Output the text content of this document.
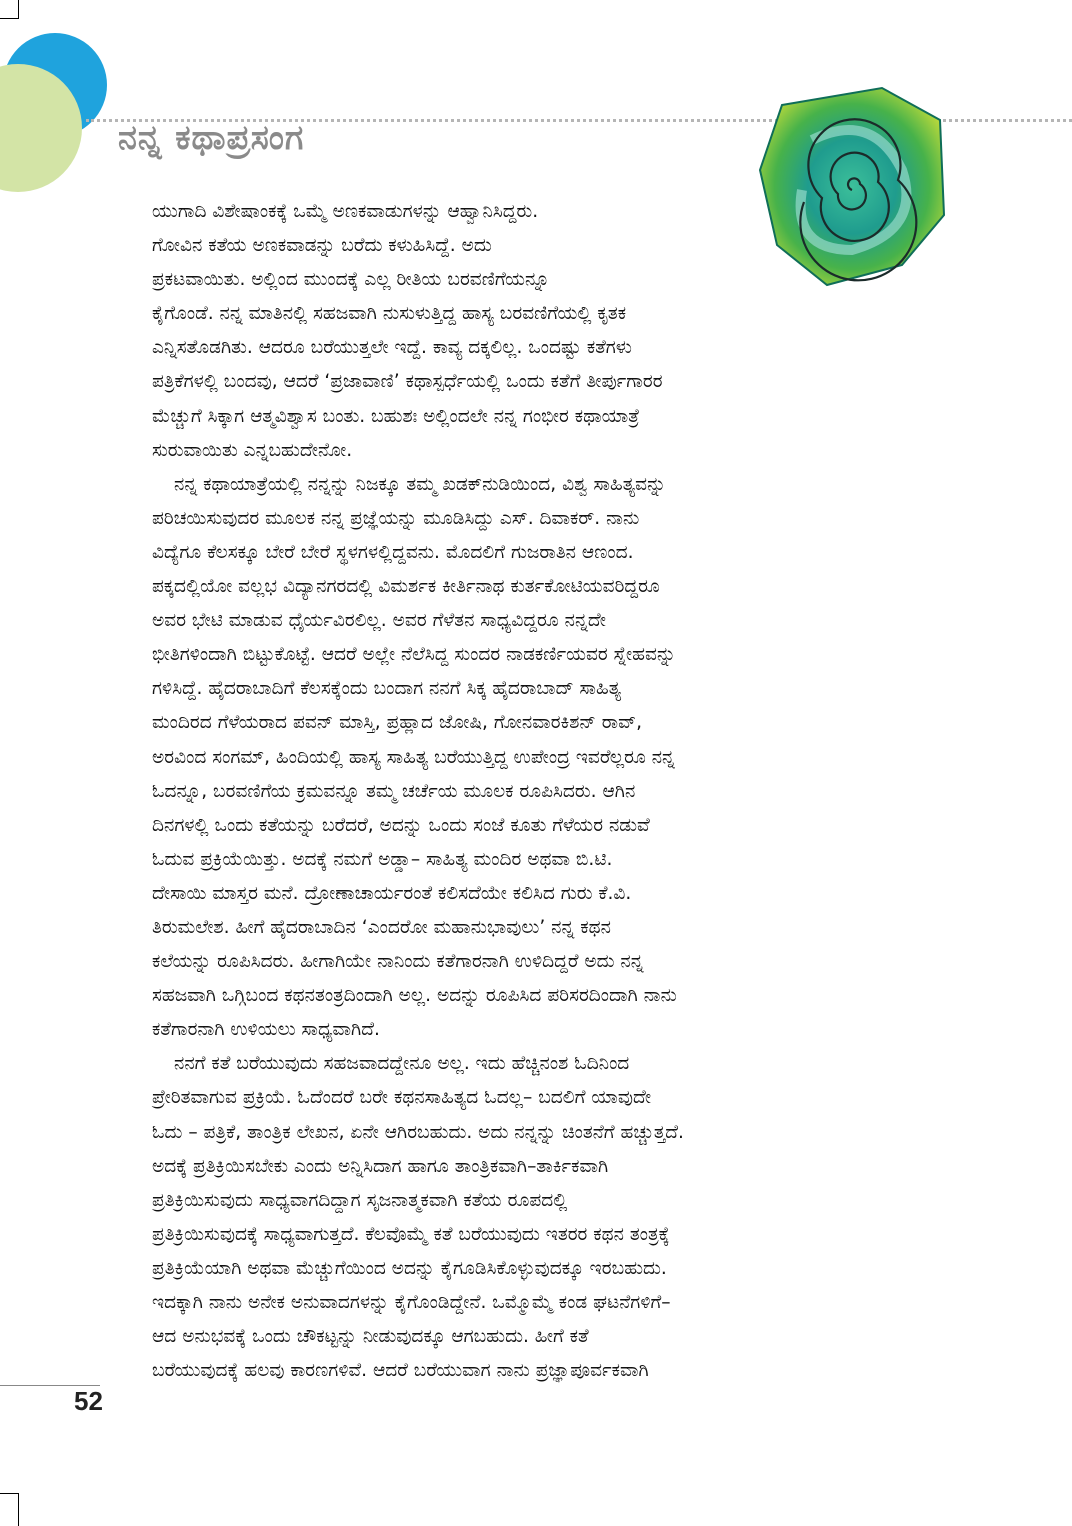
ನನ್ನ ಕಥಾಪ್ರಸಂಗ
ಯುಗಾದಿ ವಿಶೇಷಾಂಕಕ್ಕೆ ಒಮ್ಮೆ ಅಣಕವಾಡುಗಳನ್ನು ಆಹ್ವಾನಿಸಿದ್ದರು.
ಗೋವಿನ ಕತೆಯ ಅಣಕವಾಡನ್ನು ಬರೆದು ಕಳುಹಿಸಿದ್ದೆ. ಅದು
ಪ್ರಕಟವಾಯಿತು. ಅಲ್ಲಿಂದ ಮುಂದಕ್ಕೆ ಎಲ್ಲ ರೀತಿಯ ಬರವಣಿಗೆಯನ್ನೂ
ಕೈಗೊಂಡೆ. ನನ್ನ ಮಾತಿನಲ್ಲಿ ಸಹಜವಾಗಿ ನುಸುಳುತ್ತಿದ್ದ ಹಾಸ್ಯ ಬರವಣಿಗೆಯಲ್ಲಿ ಕೃತಕ
ಎನ್ನಿಸತೊಡಗಿತು. ಆದರೂ ಬರೆಯುತ್ತಲೇ ಇದ್ದೆ. ಕಾವ್ಯ ದಕ್ಕಲಿಲ್ಲ. ಒಂದಷ್ಟು ಕತೆಗಳು
ಪತ್ರಿಕೆಗಳಲ್ಲಿ ಬಂದವು, ಆದರೆ ‘ಪ್ರಜಾವಾಣಿ’ ಕಥಾಸ್ಪರ್ಧೆಯಲ್ಲಿ ಒಂದು ಕತೆಗೆ ತೀರ್ಪುಗಾರರ
ಮೆಚ್ಚುಗೆ ಸಿಕ್ಕಾಗ ಆತ್ಮವಿಶ್ವಾಸ ಬಂತು. ಬಹುಶಃ ಅಲ್ಲಿಂದಲೇ ನನ್ನ ಗಂಭೀರ ಕಥಾಯಾತ್ರೆ
ಸುರುವಾಯಿತು ಎನ್ನಬಹುದೇನೋ.
ನನ್ನ ಕಥಾಯಾತ್ರೆಯಲ್ಲಿ ನನ್ನನ್ನು ನಿಜಕ್ಕೂ ತಮ್ಮ ಖಡಕ್‌ನುಡಿಯಿಂದ, ವಿಶ್ವ ಸಾಹಿತ್ಯವನ್ನು
ಪರಿಚಯಿಸುವುದರ ಮೂಲಕ ನನ್ನ ಪ್ರಜ್ಞೆಯನ್ನು ಮೂಡಿಸಿದ್ದು ಎಸ್. ದಿವಾಕರ್. ನಾನು
ವಿದ್ಯೆಗೂ ಕೆಲಸಕ್ಕೂ ಬೇರೆ ಬೇರೆ ಸ್ಥಳಗಳಲ್ಲಿದ್ದವನು. ಮೊದಲಿಗೆ ಗುಜರಾತಿನ ಆಣಂದ.
ಪಕ್ಕದಲ್ಲಿಯೋ ವಲ್ಲಭ ವಿದ್ಯಾನಗರದಲ್ಲಿ ವಿಮರ್ಶಕ ಕೀರ್ತಿನಾಥ ಕುರ್ತಕೋಟಿಯವರಿದ್ದರೂ
ಅವರ ಭೇಟಿ ಮಾಡುವ ಧೈರ್ಯವಿರಲಿಲ್ಲ. ಅವರ ಗೆಳೆತನ ಸಾಧ್ಯವಿದ್ದರೂ ನನ್ನದೇ
ಭೀತಿಗಳಿಂದಾಗಿ ಬಿಟ್ಟುಕೊಟ್ಟೆ. ಆದರೆ ಅಲ್ಲೇ ನೆಲೆಸಿದ್ದ ಸುಂದರ ನಾಡಕರ್ಣಿಯವರ ಸ್ನೇಹವನ್ನು
ಗಳಿಸಿದ್ದೆ. ಹೈದರಾಬಾದಿಗೆ ಕೆಲಸಕ್ಕೆಂದು ಬಂದಾಗ ನನಗೆ ಸಿಕ್ಕ ಹೈದರಾಬಾದ್ ಸಾಹಿತ್ಯ
ಮಂದಿರದ ಗೆಳೆಯರಾದ ಪವನ್ ಮಾಸ್ತಿ, ಪ್ರಹ್ಲಾದ ಜೋಷಿ, ಗೋನವಾರಕಿಶನ್ ರಾವ್,
ಅರವಿಂದ ಸಂಗಮ್, ಹಿಂದಿಯಲ್ಲಿ ಹಾಸ್ಯ ಸಾಹಿತ್ಯ ಬರೆಯುತ್ತಿದ್ದ ಉಪೇಂದ್ರ ಇವರೆಲ್ಲರೂ ನನ್ನ
ಓದನ್ನೂ, ಬರವಣಿಗೆಯ ಕ್ರಮವನ್ನೂ ತಮ್ಮ ಚರ್ಚೆಯ ಮೂಲಕ ರೂಪಿಸಿದರು. ಆಗಿನ
ದಿನಗಳಲ್ಲಿ ಒಂದು ಕತೆಯನ್ನು ಬರೆದರೆ, ಅದನ್ನು ಒಂದು ಸಂಜೆ ಕೂತು ಗೆಳೆಯರ ನಡುವೆ
ಓದುವ ಪ್ರಕ್ರಿಯೆಯಿತ್ತು. ಅದಕ್ಕೆ ನಮಗೆ ಅಡ್ಡಾ– ಸಾಹಿತ್ಯ ಮಂದಿರ ಅಥವಾ ಬಿ.ಟಿ.
ದೇಸಾಯಿ ಮಾಸ್ತರ ಮನೆ. ದ್ರೋಣಾಚಾರ್ಯರಂತೆ ಕಲಿಸದೆಯೇ ಕಲಿಸಿದ ಗುರು ಕೆ.ವಿ.
ತಿರುಮಲೇಶ. ಹೀಗೆ ಹೈದರಾಬಾದಿನ ‘ಎಂದರೋ ಮಹಾನುಭಾವುಲು’ ನನ್ನ ಕಥನ
ಕಲೆಯನ್ನು ರೂಪಿಸಿದರು. ಹೀಗಾಗಿಯೇ ನಾನಿಂದು ಕತೆಗಾರನಾಗಿ ಉಳಿದಿದ್ದರೆ ಅದು ನನ್ನ
ಸಹಜವಾಗಿ ಒಗ್ಗಿಬಂದ ಕಥನತಂತ್ರದಿಂದಾಗಿ ಅಲ್ಲ. ಅದನ್ನು ರೂಪಿಸಿದ ಪರಿಸರದಿಂದಾಗಿ ನಾನು
ಕತೆಗಾರನಾಗಿ ಉಳಿಯಲು ಸಾಧ್ಯವಾಗಿದೆ.
ನನಗೆ ಕತೆ ಬರೆಯುವುದು ಸಹಜವಾದದ್ದೇನೂ ಅಲ್ಲ. ಇದು ಹೆಚ್ಚಿನಂಶ ಓದಿನಿಂದ
ಪ್ರೇರಿತವಾಗುವ ಪ್ರಕ್ರಿಯೆ. ಓದೆಂದರೆ ಬರೇ ಕಥನಸಾಹಿತ್ಯದ ಓದಲ್ಲ– ಬದಲಿಗೆ ಯಾವುದೇ
ಓದು – ಪತ್ರಿಕೆ, ತಾಂತ್ರಿಕ ಲೇಖನ, ಏನೇ ಆಗಿರಬಹುದು. ಅದು ನನ್ನನ್ನು ಚಿಂತನೆಗೆ ಹಚ್ಚುತ್ತದೆ.
ಅದಕ್ಕೆ ಪ್ರತಿಕ್ರಿಯಿಸಬೇಕು ಎಂದು ಅನ್ನಿಸಿದಾಗ ಹಾಗೂ ತಾಂತ್ರಿಕವಾಗಿ–ತಾರ್ಕಿಕವಾಗಿ
ಪ್ರತಿಕ್ರಿಯಿಸುವುದು ಸಾಧ್ಯವಾಗದಿದ್ದಾಗ ಸೃಜನಾತ್ಮಕವಾಗಿ ಕತೆಯ ರೂಪದಲ್ಲಿ
ಪ್ರತಿಕ್ರಿಯಿಸುವುದಕ್ಕೆ ಸಾಧ್ಯವಾಗುತ್ತದೆ. ಕೆಲವೊಮ್ಮೆ ಕತೆ ಬರೆಯುವುದು ಇತರರ ಕಥನ ತಂತ್ರಕ್ಕೆ
ಪ್ರತಿಕ್ರಿಯೆಯಾಗಿ ಅಥವಾ ಮೆಚ್ಚುಗೆಯಿಂದ ಅದನ್ನು ಕೈಗೂಡಿಸಿಕೊಳ್ಳುವುದಕ್ಕೂ ಇರಬಹುದು.
ಇದಕ್ಕಾಗಿ ನಾನು ಅನೇಕ ಅನುವಾದಗಳನ್ನು ಕೈಗೊಂಡಿದ್ದೇನೆ. ಒಮ್ಮೊಮ್ಮೆ ಕಂಡ ಘಟನೆಗಳಿಗೆ–
ಆದ ಅನುಭವಕ್ಕೆ ಒಂದು ಚೌಕಟ್ಟನ್ನು ನೀಡುವುದಕ್ಕೂ ಆಗಬಹುದು. ಹೀಗೆ ಕತೆ
ಬರೆಯುವುದಕ್ಕೆ ಹಲವು ಕಾರಣಗಳಿವೆ. ಆದರೆ ಬರೆಯುವಾಗ ನಾನು ಪ್ರಜ್ಞಾಪೂರ್ವಕವಾಗಿ
52
